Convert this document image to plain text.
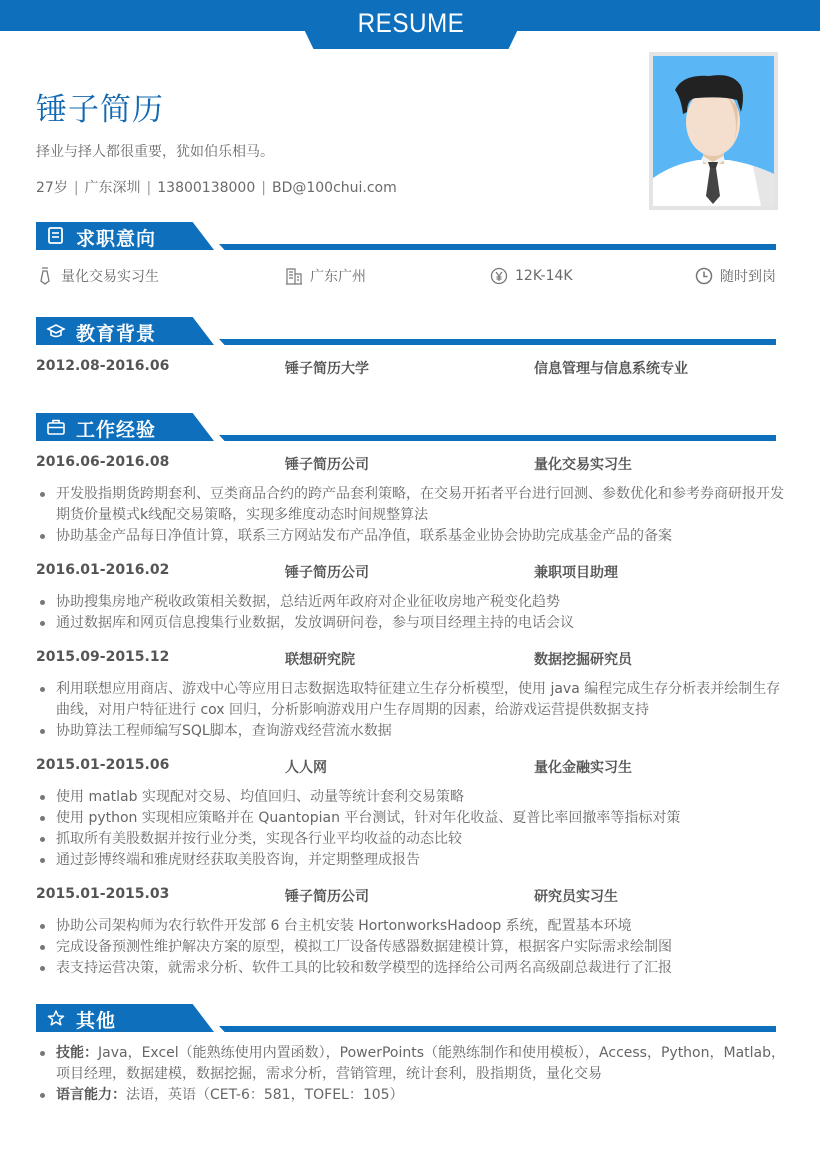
RESUME
锤子简历
择业与择人都很重要，犹如伯乐相马。
27岁 | 广东深圳 | 13800138000 | BD@100chui.com
求职意向
量化交易实习生	广东广州	12K-14K	随时到岗
教育背景
2012.08-2016.06	锤子简历大学	信息管理与信息系统专业
工作经验
2016.06-2016.08	锤子简历公司	量化交易实习生
开发股指期货跨期套利、豆类商品合约的跨产品套利策略，在交易开拓者平台进行回测、参数优化和参考券商研报开发期货价量模式k线配交易策略，实现多维度动态时间规整算法
协助基金产品每日净值计算，联系三方网站发布产品净值，联系基金业协会协助完成基金产品的备案
2016.01-2016.02	锤子简历公司	兼职项目助理
协助搜集房地产税收政策相关数据，总结近两年政府对企业征收房地产税变化趋势
通过数据库和网页信息搜集行业数据，发放调研问卷，参与项目经理主持的电话会议
2015.09-2015.12	联想研究院	数据挖掘研究员
利用联想应用商店、游戏中心等应用日志数据选取特征建立生存分析模型，使用 java 编程完成生存分析表并绘制生存曲线，对用户特征进行 cox 回归，分析影响游戏用户生存周期的因素，给游戏运营提供数据支持
协助算法工程师编写SQL脚本，查询游戏经营流水数据
2015.01-2015.06	人人网	量化金融实习生
使用 matlab 实现配对交易、均值回归、动量等统计套利交易策略
使用 python 实现相应策略并在 Quantopian 平台测试，针对年化收益、夏普比率回撤率等指标对策
抓取所有美股数据并按行业分类，实现各行业平均收益的动态比较
通过彭博终端和雅虎财经获取美股咨询，并定期整理成报告
2015.01-2015.03	锤子简历公司	研究员实习生
协助公司架构师为农行软件开发部 6 台主机安装 HortonworksHadoop 系统，配置基本环境
完成设备预测性维护解决方案的原型，模拟工厂设备传感器数据建模计算，根据客户实际需求绘制图
表支持运营决策，就需求分析、软件工具的比较和数学模型的选择给公司两名高级副总裁进行了汇报
其他
技能：Java，Excel（能熟练使用内置函数），PowerPoints（能熟练制作和使用模板），Access，Python，Matlab，项目经理，数据建模，数据挖掘，需求分析，营销管理，统计套利，股指期货，量化交易
语言能力：法语，英语（CET-6：581，TOFEL：105）
